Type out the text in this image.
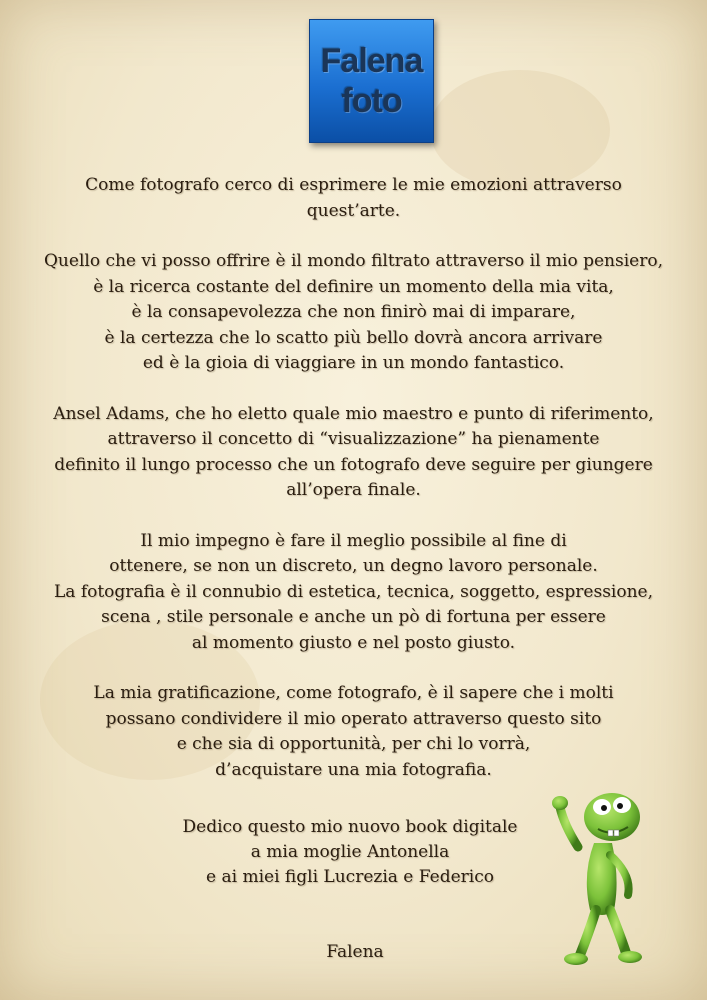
Falena
foto

Come fotografo cerco di esprimere le mie emozioni attraverso
quest’arte.

Quello che vi posso offrire è il mondo filtrato attraverso il mio pensiero,
è la ricerca costante del definire un momento della mia vita,
è la consapevolezza che non finirò mai di imparare,
è la certezza che lo scatto più bello dovrà ancora arrivare
ed è la gioia di viaggiare in un mondo fantastico.

Ansel Adams, che ho eletto quale mio maestro e punto di riferimento,
attraverso il concetto di “visualizzazione” ha pienamente
definito il lungo processo che un fotografo deve seguire per giungere
all’opera finale.

Il mio impegno è fare il meglio possibile al fine di
ottenere, se non un discreto, un degno lavoro personale.
La fotografia è il connubio di estetica, tecnica, soggetto, espressione,
scena , stile personale e anche un pò di fortuna per essere
al momento giusto e nel posto giusto.

La mia gratificazione, come fotografo, è il sapere che i molti
possano condividere il mio operato attraverso questo sito
e che sia di opportunità, per chi lo vorrà,
d’acquistare una mia fotografia.

Dedico questo mio nuovo book digitale
a mia moglie Antonella
e ai miei figli Lucrezia e Federico
Falena
